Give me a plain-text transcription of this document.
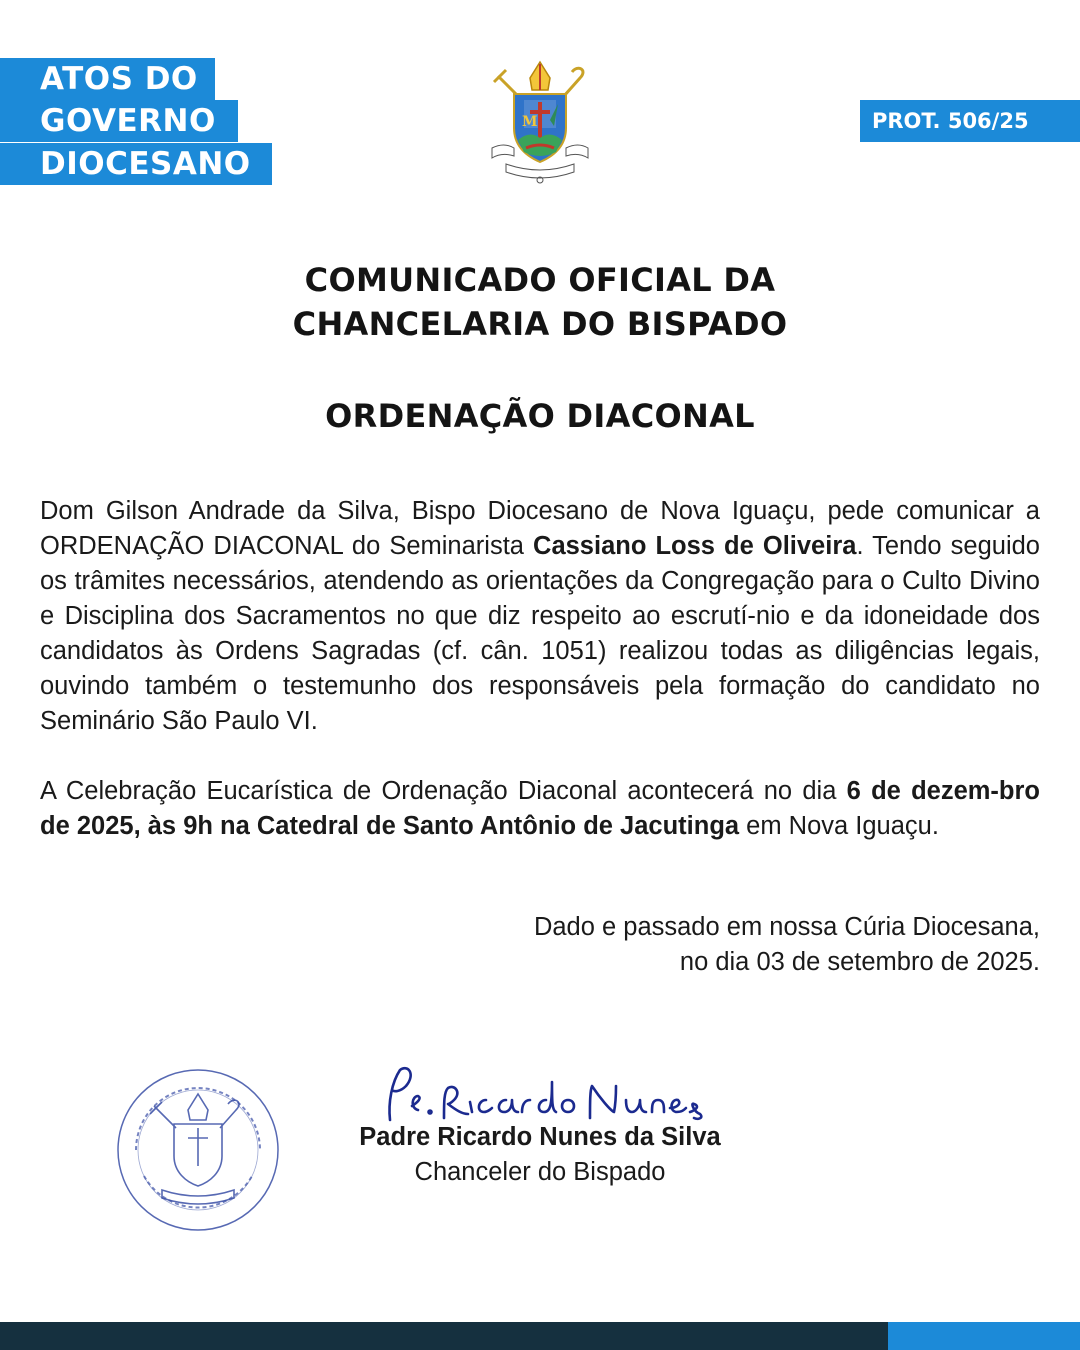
ATOS DO
GOVERNO
DIOCESANO
PROT. 506/25
M
COMUNICADO OFICIAL DA
CHANCELARIA DO BISPADO
ORDENAÇÃO DIACONAL

Dom Gilson Andrade da Silva, Bispo Diocesano de Nova Iguaçu, pede comunicar a ORDENAÇÃO DIACONAL do Seminarista Cassiano Loss de Oliveira. Tendo seguido os trâmites necessários, atendendo as orientações da Congregação para o Culto Divino e Disciplina dos Sacramentos no que diz respeito ao escrutí-nio e da idoneidade dos candidatos às Ordens Sagradas (cf. cân. 1051) realizou todas as diligências legais, ouvindo também o testemunho dos responsáveis pela formação do candidato no Seminário São Paulo VI.

A Celebração Eucarística de Ordenação Diaconal acontecerá no dia 6 de dezem-bro de 2025, às 9h na Catedral de Santo Antônio de Jacutinga em Nova Iguaçu.

Dado e passado em nossa Cúria Diocesana,
no dia 03 de setembro de 2025.
Padre Ricardo Nunes da Silva
Chanceler do Bispado
